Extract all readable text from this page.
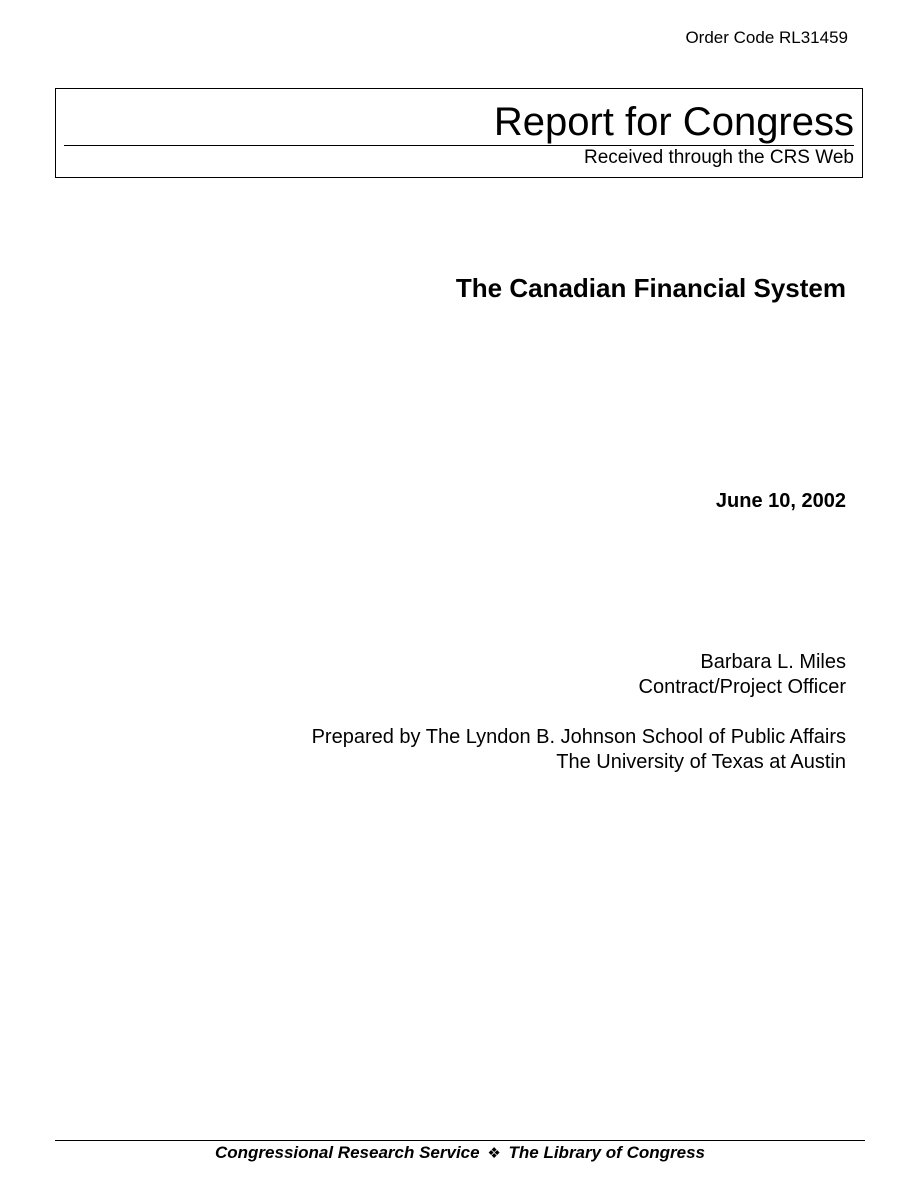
Order Code RL31459
Report for Congress
Received through the CRS Web
The Canadian Financial System
June 10, 2002
Barbara L. Miles
Contract/Project Officer
Prepared by The Lyndon B. Johnson School of Public Affairs
The University of Texas at Austin
Congressional Research Service ❖ The Library of Congress
